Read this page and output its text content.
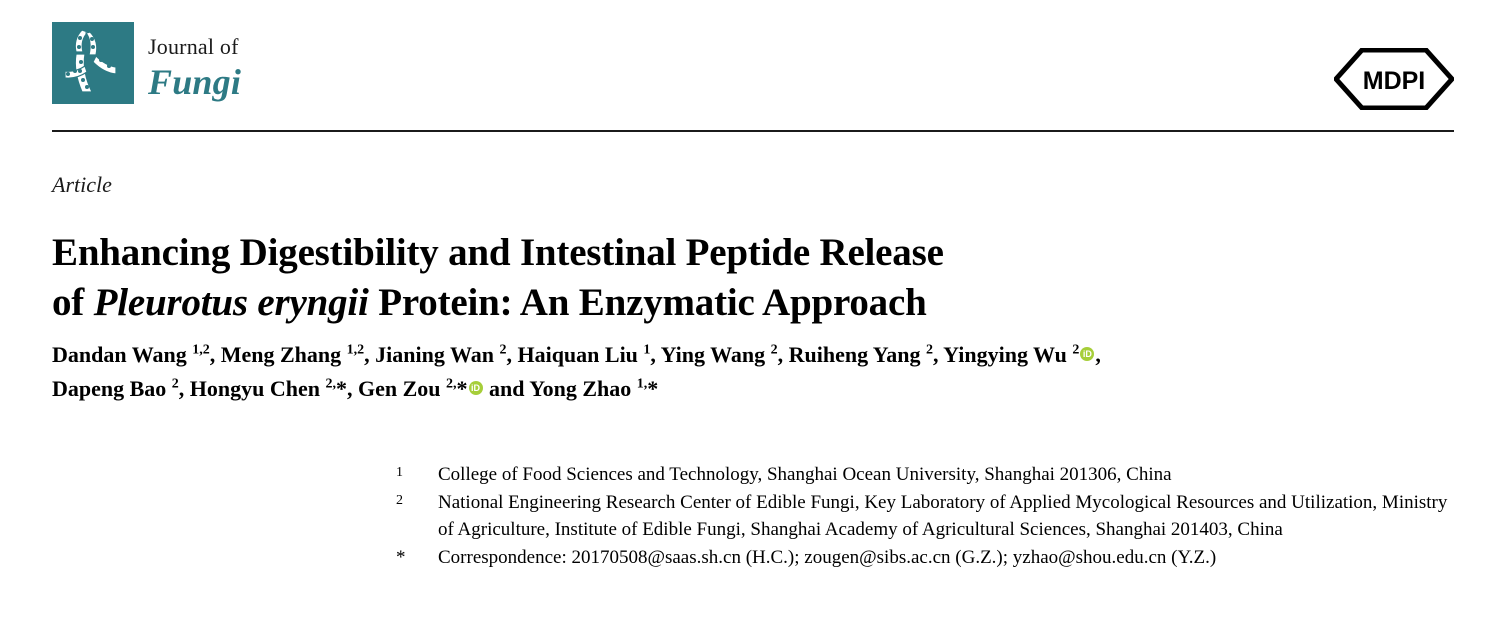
Journal of
Fungi	MDPI
Article
Enhancing Digestibility and Intestinal Peptide Release
of Pleurotus eryngii Protein: An Enzymatic Approach
Dandan Wang $^{1,2}$, Meng Zhang $^{1,2}$, Jianing Wan $^2$, Haiquan Liu $^1$, Ying Wang $^2$, Ruiheng Yang $^2$, Yingying Wu $^2$ iD ,
Dapeng Bao $^2$, Hongyu Chen $^{2,}$*, Gen Zou $^{2,}$* iD and Yong Zhao $^{1,}$*
1	College of Food Sciences and Technology, Shanghai Ocean University, Shanghai 201306, China
2	National Engineering Research Center of Edible Fungi, Key Laboratory of Applied Mycological Resources and Utilization, Ministry of Agriculture, Institute of Edible Fungi, Shanghai Academy of Agricultural Sciences, Shanghai 201403, China
*	Correspondence: 20170508@saas.sh.cn (H.C.); zougen@sibs.ac.cn (G.Z.); yzhao@shou.edu.cn (Y.Z.)
